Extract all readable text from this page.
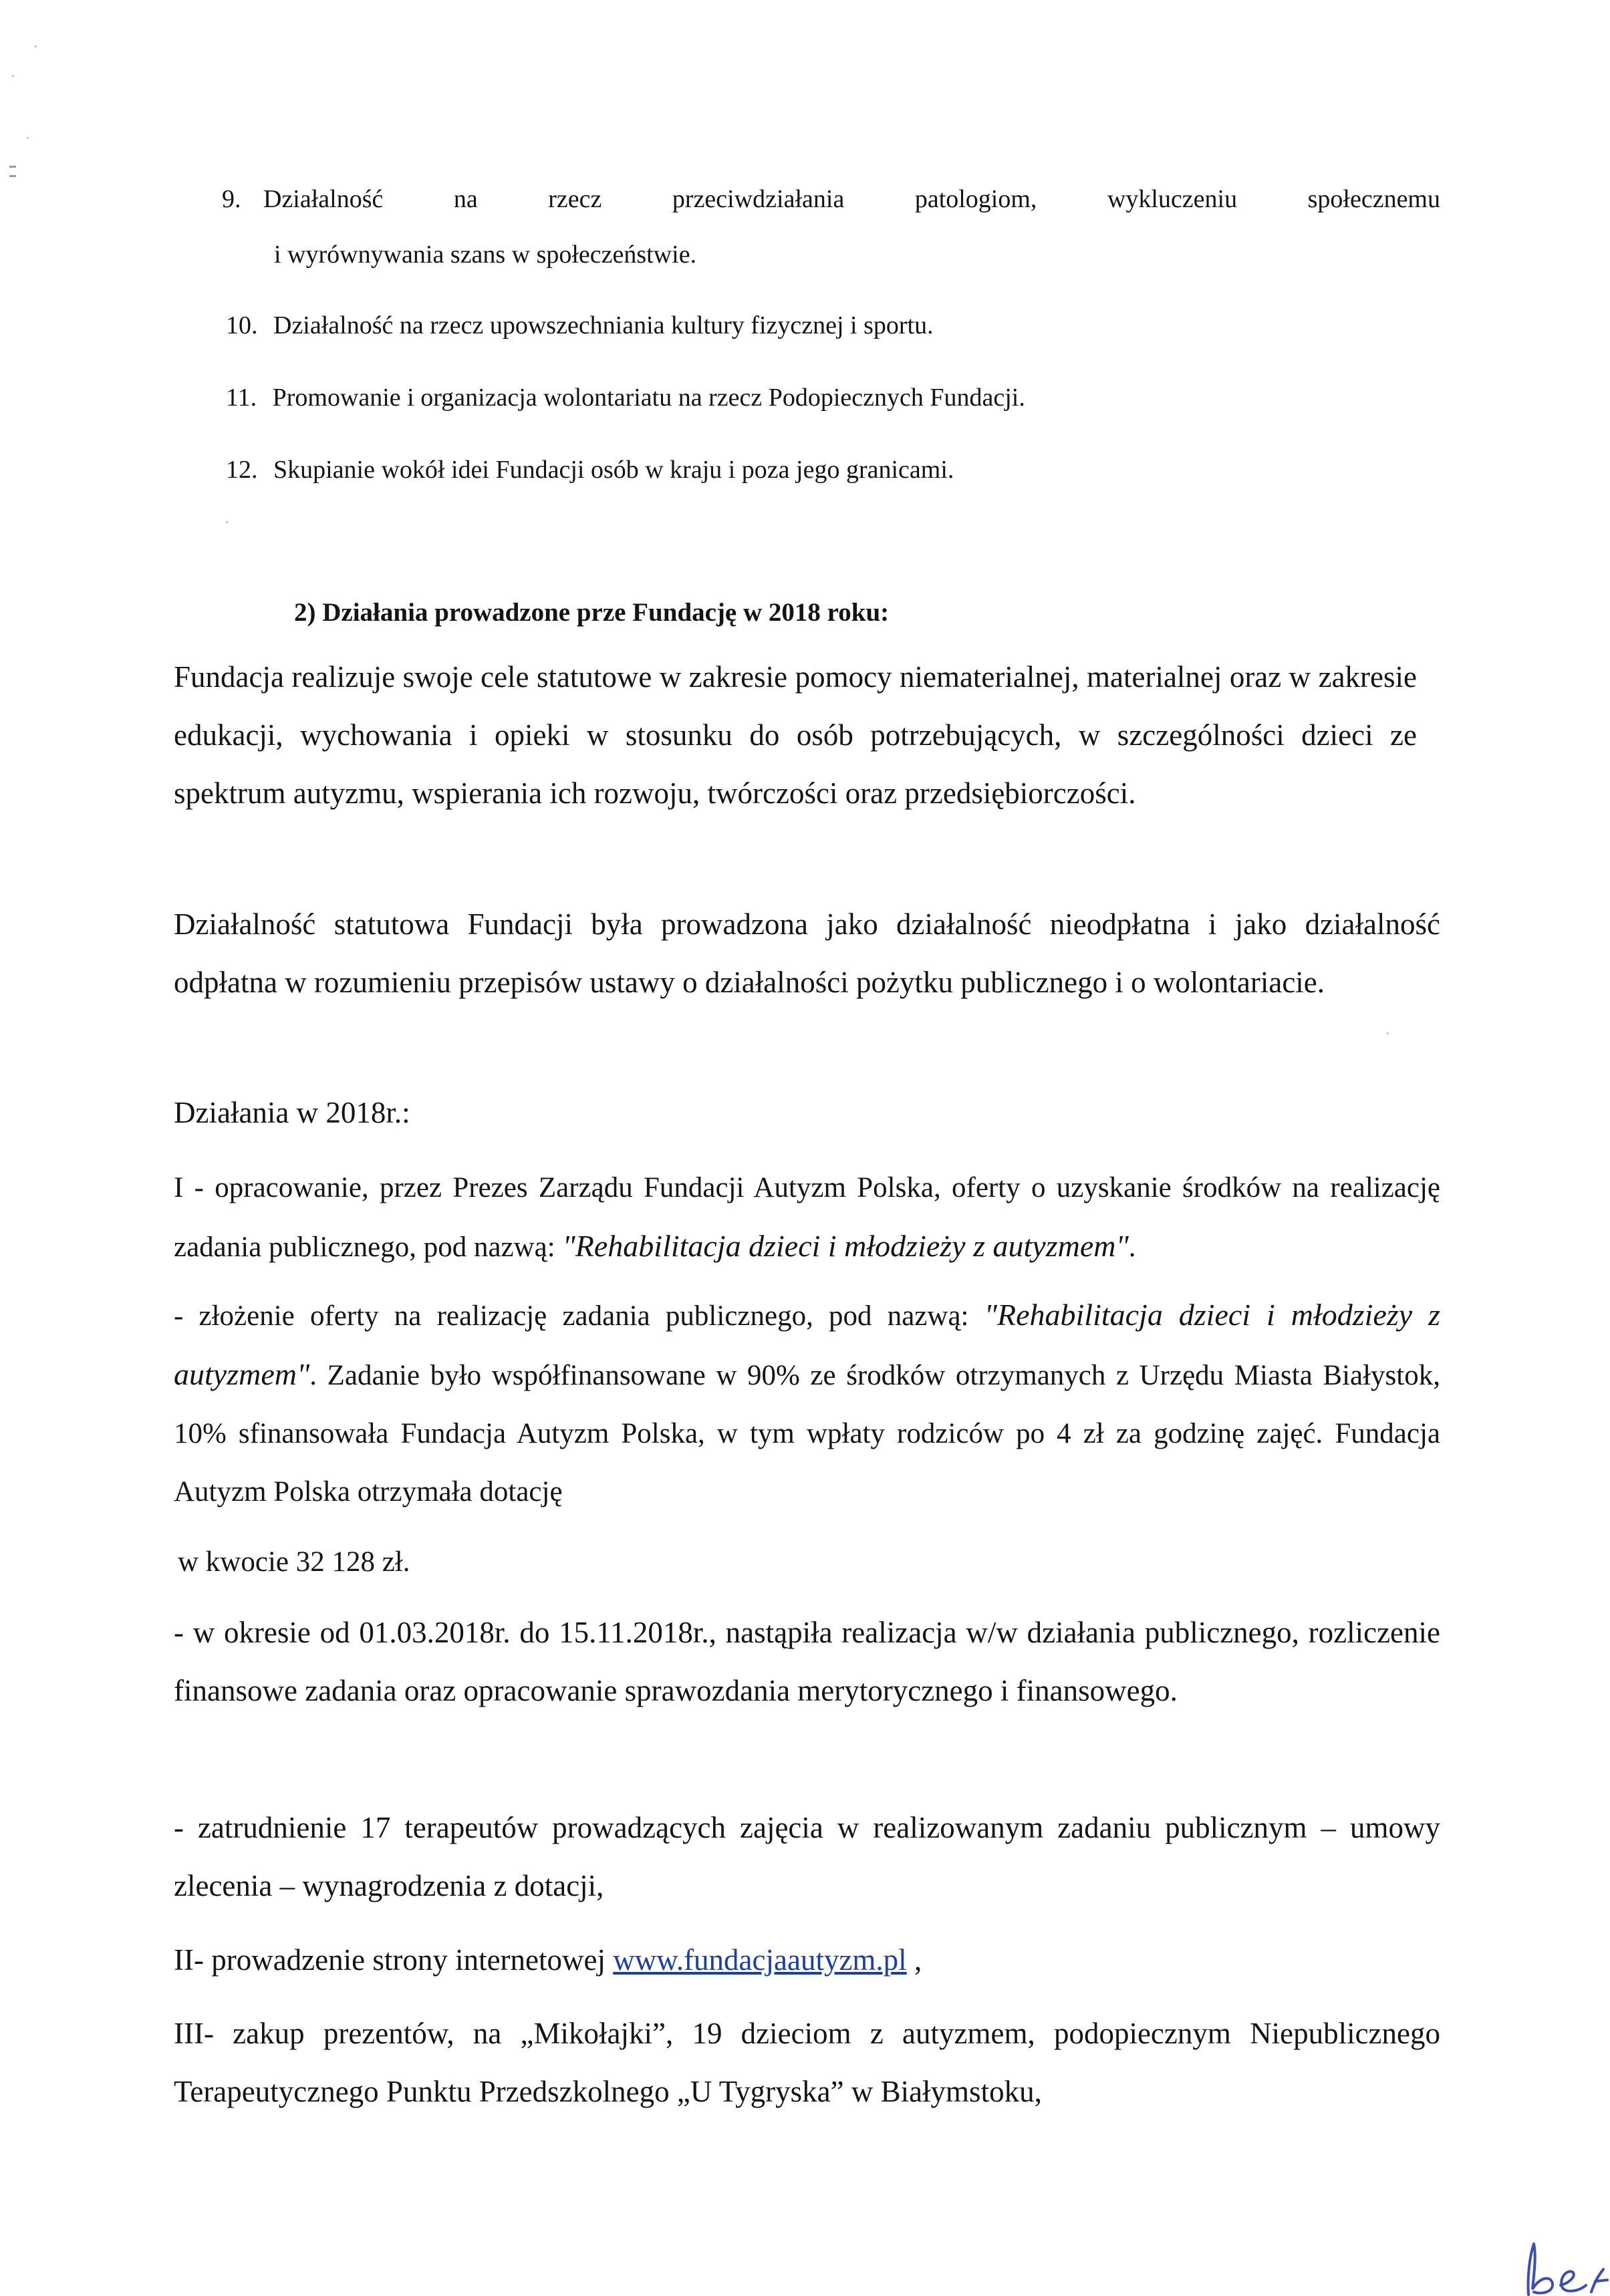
9. Działalność na rzecz przeciwdziałania patologiom, wykluczeniu społecznemu
i wyrównywania szans w społeczeństwie.
10. Działalność na rzecz upowszechniania kultury fizycznej i sportu.
11. Promowanie i organizacja wolontariatu na rzecz Podopiecznych Fundacji.
12. Skupianie wokół idei Fundacji osób w kraju i poza jego granicami.
2) Działania prowadzone prze Fundację w 2018 roku:
Fundacja realizuje swoje cele statutowe w zakresie pomocy niematerialnej, materialnej oraz w zakresie edukacji, wychowania i opieki w stosunku do osób potrzebujących, w szczególności dzieci ze spektrum autyzmu, wspierania ich rozwoju, twórczości oraz przedsiębiorczości.
Działalność statutowa Fundacji była prowadzona jako działalność nieodpłatna i jako działalność odpłatna w rozumieniu przepisów ustawy o działalności pożytku publicznego i o wolontariacie.
Działania w 2018r.:
I - opracowanie, przez Prezes Zarządu Fundacji Autyzm Polska, oferty o uzyskanie środków na realizację zadania publicznego, pod nazwą: "Rehabilitacja dzieci i młodzieży z autyzmem".
- złożenie oferty na realizację zadania publicznego, pod nazwą: "Rehabilitacja dzieci i młodzieży z autyzmem". Zadanie było współfinansowane w 90% ze środków otrzymanych z Urzędu Miasta Białystok, 10% sfinansowała Fundacja Autyzm Polska, w tym wpłaty rodziców po 4 zł za godzinę zajęć. Fundacja Autyzm Polska otrzymała dotację
w kwocie 32 128 zł.
- w okresie od 01.03.2018r. do 15.11.2018r., nastąpiła realizacja w/w działania publicznego, rozliczenie finansowe zadania oraz opracowanie sprawozdania merytorycznego i finansowego.
- zatrudnienie 17 terapeutów prowadzących zajęcia w realizowanym zadaniu publicznym – umowy zlecenia – wynagrodzenia z dotacji,
II- prowadzenie strony internetowej www.fundacjaautyzm.pl ,
III- zakup prezentów, na „Mikołajki”, 19 dzieciom z autyzmem, podopiecznym Niepublicznego Terapeutycznego Punktu Przedszkolnego „U Tygryska” w Białymstoku,
